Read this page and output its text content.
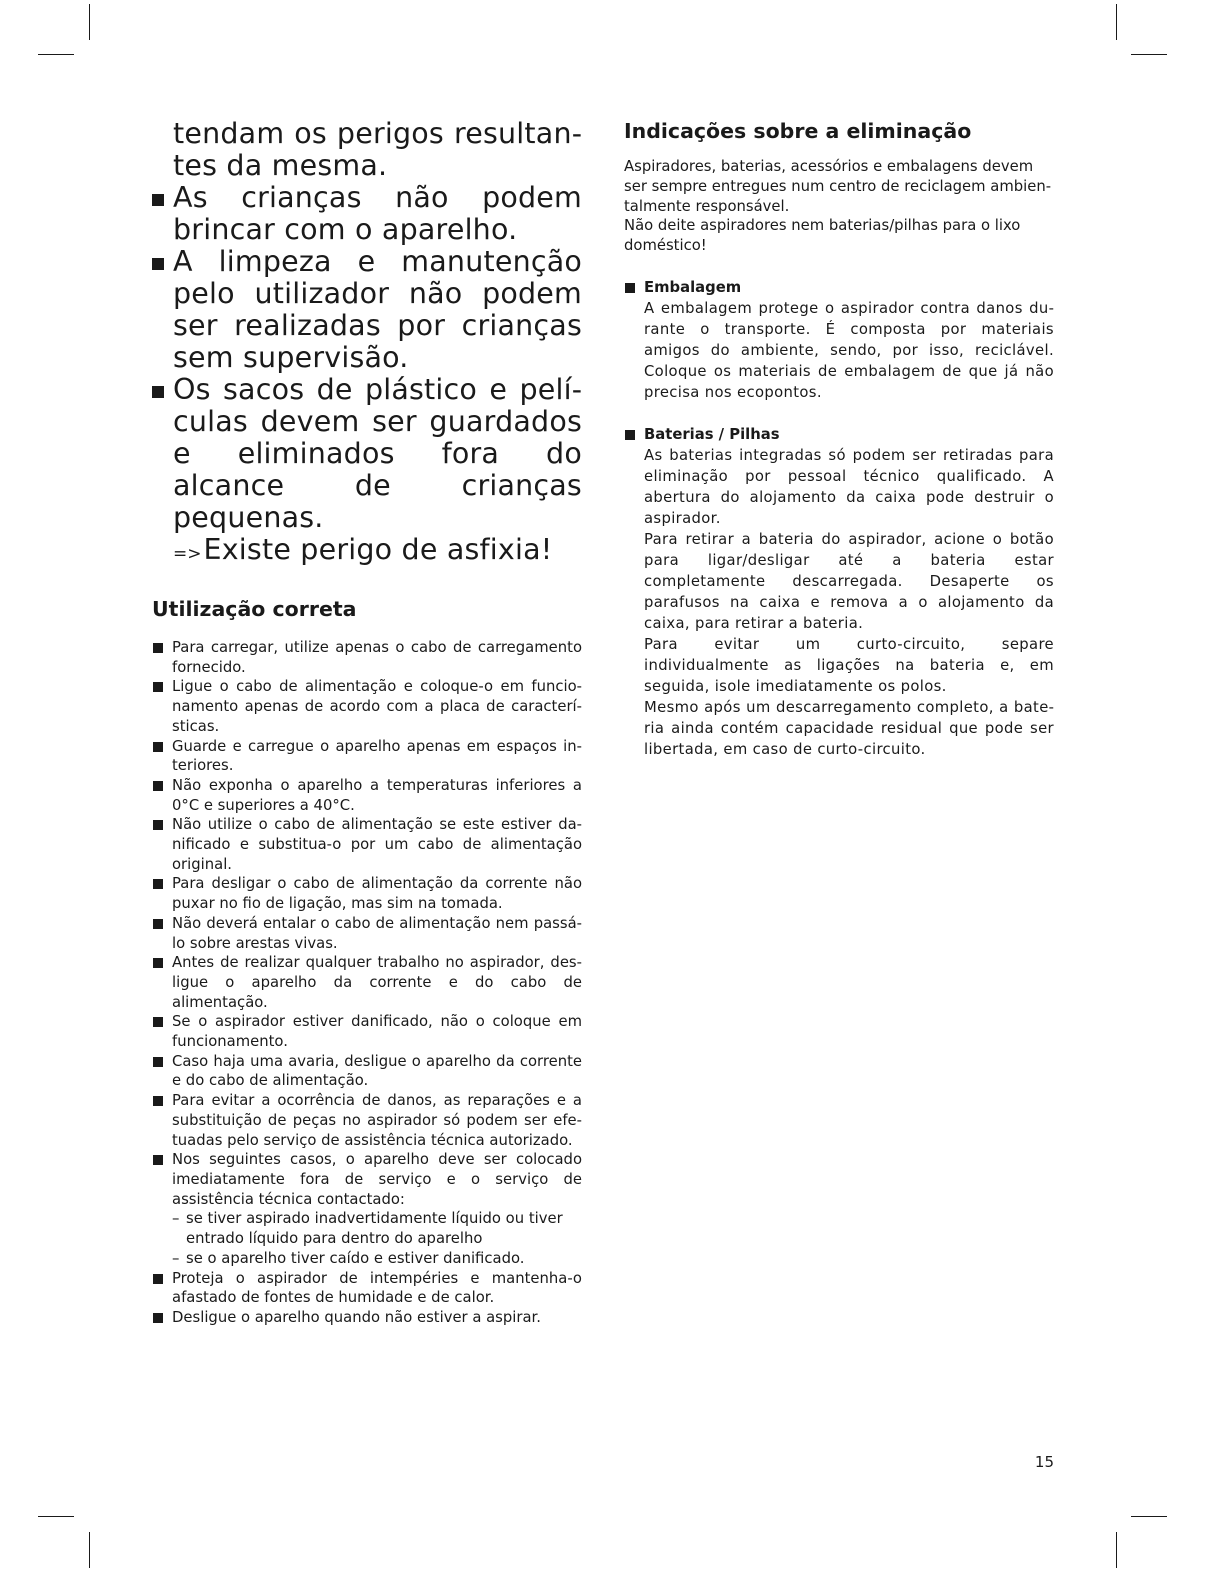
tendam os perigos resultantes da mesma.
As crianças não podem brincar com o aparelho.
A limpeza e manutenção pelo utilizador não podem ser realizadas por crianças sem supervisão.
Os sacos de plástico e películas devem ser guardados e eliminados fora do alcance de crianças pequenas.
=>Existe perigo de asfixia!
Utilização correta
Para carregar, utilize apenas o cabo de carregamento fornecido.
Ligue o cabo de alimentação e coloque-o em funcionamento apenas de acordo com a placa de características.
Guarde e carregue o aparelho apenas em espaços interiores.
Não exponha o aparelho a temperaturas inferiores a 0°C e superiores a 40°C.
Não utilize o cabo de alimentação se este estiver danificado e substitua-o por um cabo de alimentação original.
Para desligar o cabo de alimentação da corrente não puxar no fio de ligação, mas sim na tomada.
Não deverá entalar o cabo de alimentação nem passálo sobre arestas vivas.
Antes de realizar qualquer trabalho no aspirador, desligue o aparelho da corrente e do cabo de alimentação.
Se o aspirador estiver danificado, não o coloque em funcionamento.
Caso haja uma avaria, desligue o aparelho da corrente e do cabo de alimentação.
Para evitar a ocorrência de danos, as reparações e a substituição de peças no aspirador só podem ser efetuadas pelo serviço de assistência técnica autorizado.
Nos seguintes casos, o aparelho deve ser colocado imediatamente fora de serviço e o serviço de assistência técnica contactado:
– se tiver aspirado inadvertidamente líquido ou tiver entrado líquido para dentro do aparelho
– se o aparelho tiver caído e estiver danificado.
Proteja o aspirador de intempéries e mantenha-o afastado de fontes de humidade e de calor.
Desligue o aparelho quando não estiver a aspirar.
Indicações sobre a eliminação

Aspiradores, baterias, acessórios e embalagens devem ser sempre entregues num centro de reciclagem ambientalmente responsável.

Não deite aspiradores nem baterias/pilhas para o lixo doméstico!

Embalagem

A embalagem protege o aspirador contra danos durante o transporte. É composta por materiais amigos do ambiente, sendo, por isso, reciclável. Coloque os materiais de embalagem de que já não precisa nos ecopontos.

Baterias / Pilhas

As baterias integradas só podem ser retiradas para eliminação por pessoal técnico qualificado. A abertura do alojamento da caixa pode destruir o aspirador.

Para retirar a bateria do aspirador, acione o botão para ligar/desligar até a bateria estar completamente descarregada. Desaperte os parafusos na caixa e remova a o alojamento da caixa, para retirar a bateria.

Para evitar um curto-circuito, separe individualmente as ligações na bateria e, em seguida, isole imediatamente os polos.

Mesmo após um descarregamento completo, a bateria ainda contém capacidade residual que pode ser libertada, em caso de curto-circuito.

15
